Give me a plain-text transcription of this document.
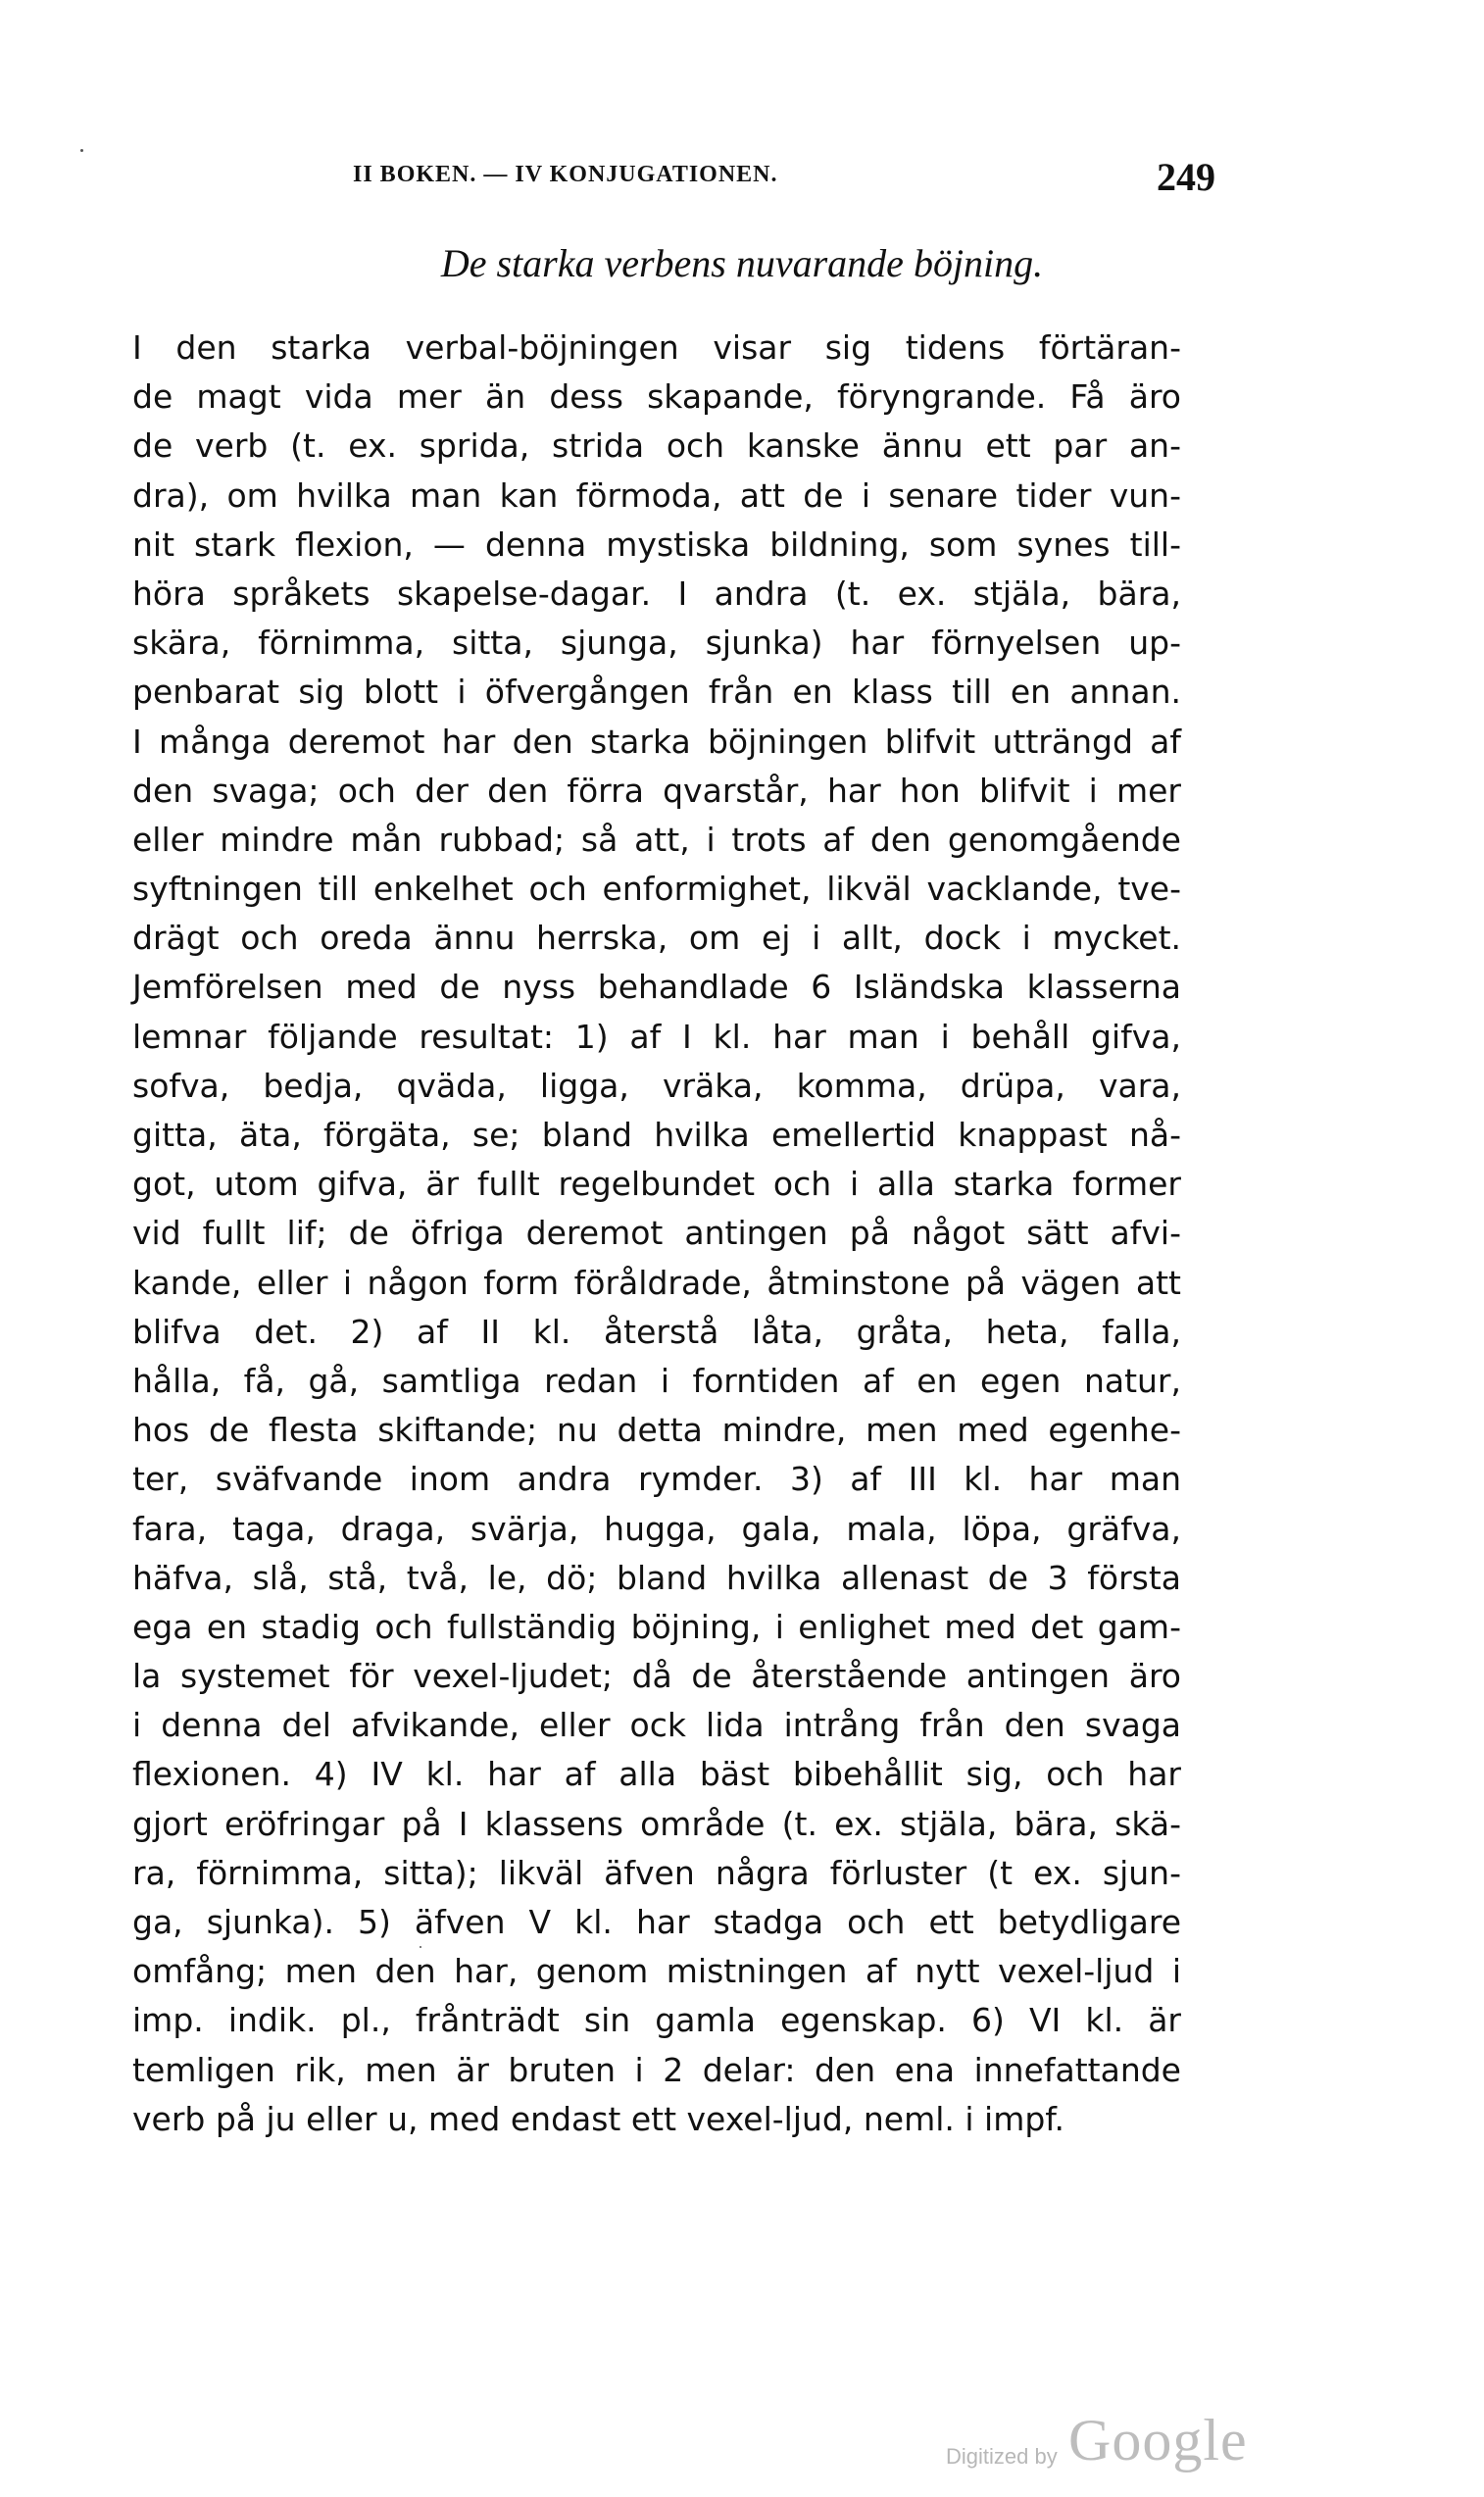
II BOKEN. — IV KONJUGATIONEN.	249
De starka verbens nuvarande böjning.
I den starka verbal-böjningen visar sig tidens förtäran-
de magt vida mer än dess skapande, föryngrande. Få äro
de verb (t. ex. sprida, strida och kanske ännu ett par an-
dra), om hvilka man kan förmoda, att de i senare tider vun-
nit stark flexion, — denna mystiska bildning, som synes till-
höra språkets skapelse-dagar. I andra (t. ex. stjäla, bära,
skära, förnimma, sitta, sjunga, sjunka) har förnyelsen up-
penbarat sig blott i öfvergången från en klass till en annan.
I många deremot har den starka böjningen blifvit utträngd af
den svaga; och der den förra qvarstår, har hon blifvit i mer
eller mindre mån rubbad; så att, i trots af den genomgående
syftningen till enkelhet och enformighet, likväl vacklande, tve-
drägt och oreda ännu herrska, om ej i allt, dock i mycket.
Jemförelsen med de nyss behandlade 6 Isländska klasserna
lemnar följande resultat: 1) af I kl. har man i behåll gifva,
sofva, bedja, qväda, ligga, vräka, komma, drüpa, vara,
gitta, äta, förgäta, se; bland hvilka emellertid knappast nå-
got, utom gifva, är fullt regelbundet och i alla starka former
vid fullt lif; de öfriga deremot antingen på något sätt afvi-
kande, eller i någon form föråldrade, åtminstone på vägen att
blifva det. 2) af II kl. återstå låta, gråta, heta, falla,
hålla, få, gå, samtliga redan i forntiden af en egen natur,
hos de flesta skiftande; nu detta mindre, men med egenhe-
ter, sväfvande inom andra rymder. 3) af III kl. har man
fara, taga, draga, svärja, hugga, gala, mala, löpa, gräfva,
häfva, slå, stå, två, le, dö; bland hvilka allenast de 3 första
ega en stadig och fullständig böjning, i enlighet med det gam-
la systemet för vexel-ljudet; då de återstående antingen äro
i denna del afvikande, eller ock lida intrång från den svaga
flexionen. 4) IV kl. har af alla bäst bibehållit sig, och har
gjort eröfringar på I klassens område (t. ex. stjäla, bära, skä-
ra, förnimma, sitta); likväl äfven några förluster (t ex. sjun-
ga, sjunka). 5) äfven V kl. har stadga och ett betydligare
omfång; men den har, genom mistningen af nytt vexel-ljud i
imp. indik. pl., frånträdt sin gamla egenskap. 6) VI kl. är
temligen rik, men är bruten i 2 delar: den ena innefattande
verb på ju eller u, med endast ett vexel-ljud, neml. i impf.
Digitized by Google
